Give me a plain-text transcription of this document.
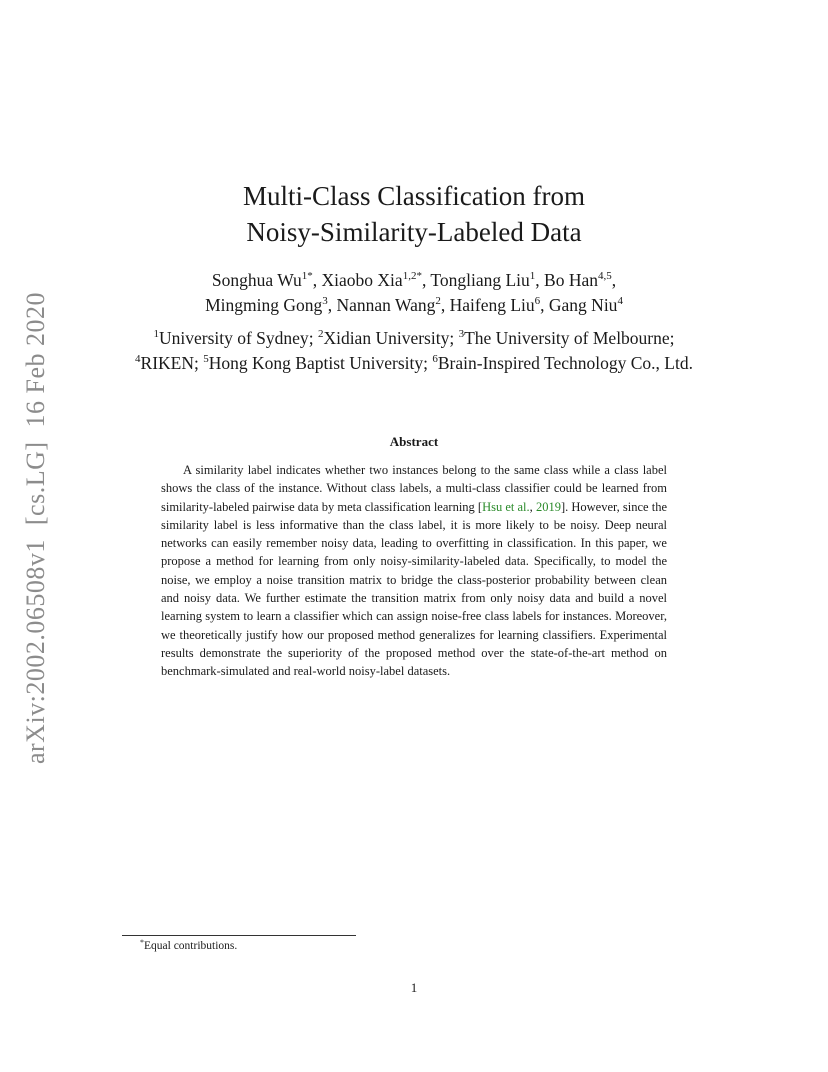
arXiv:2002.06508v1[cs.LG]16 Feb 2020
Multi-Class Classification from
Noisy-Similarity-Labeled Data
Songhua $Wu^{1*}$, Xiaobo Xia$^{1,2*}$, Tongliang Liu$^1$, Bo Han$^{4,5}$,
Mingming Gong$^3$, Nannan Wang$^2$, Haifeng Liu$^6$, Gang Niu$^4$
$^1$University of Sydney; $^2$Xidian University; $^3$The University of Melbourne;
$^4$RIKEN; $^5$Hong Kong Baptist University; $^6$Brain-Inspired Technology Co., Ltd.
Abstract
A similarity label indicates whether two instances belong to the same class while a class label shows the class of the instance. Without class labels, a multi-class classifier could be learned from similarity-labeled pairwise data by meta classification learning [Hsu et al., 2019]. However, since the similarity label is less informative than the class label, it is more likely to be noisy. Deep neural networks can easily remember noisy data, leading to overfitting in classification. In this paper, we propose a method for learning from only noisy-similarity-labeled data. Specifically, to model the noise, we employ a noise transition matrix to bridge the class-posterior probability between clean and noisy data. We further estimate the transition matrix from only noisy data and build a novel learning system to learn a classifier which can assign noise-free class labels for instances. Moreover, we theoretically justify how our proposed method generalizes for learning classifiers. Experimental results demonstrate the superiority of the proposed method over the state-of-the-art method on benchmark-simulated and real-world noisy-label datasets.
*Equal contributions.
1
